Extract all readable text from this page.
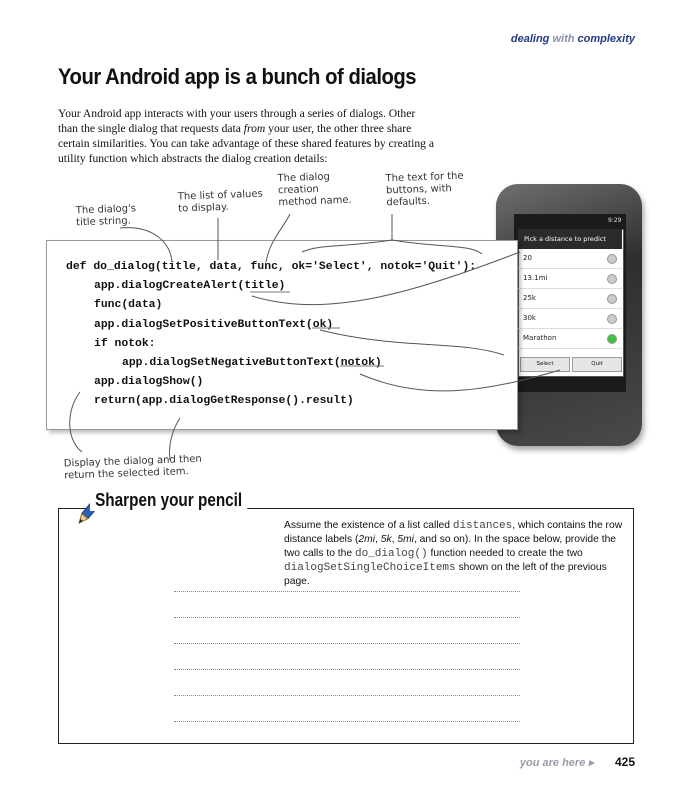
dealing with complexity
Your Android app is a bunch of dialogs
Your Android app interacts with your users through a series of dialogs. Other than the single dialog that requests data from your user, the other three share certain similarities. You can take advantage of these shared features by creating a utility function which abstracts the dialog creation details:
The dialog's title string.
The list of values to display.
The dialog creation method name.
The text for the buttons, with defaults.
Display the dialog and then return the selected item.
9:29
Pick a distance to predict
20
13.1mi
25k
30k
Marathon
Select	Quit
def do_dialog(title, data, func, ok='Select', notok='Quit'):
app.dialogCreateAlert(title)
func(data)
app.dialogSetPositiveButtonText(ok)
if notok:
app.dialogSetNegativeButtonText(notok)
app.dialogShow()
return(app.dialogGetResponse().result)
Sharpen your pencil
Assume the existence of a list called distances, which contains the row distance labels (2mi, 5k, 5mi, and so on). In the space below, provide the two calls to the do_dialog() function needed to create the two dialogSetSingleChoiceItems shown on the left of the previous page.
you are here ▸ 425
